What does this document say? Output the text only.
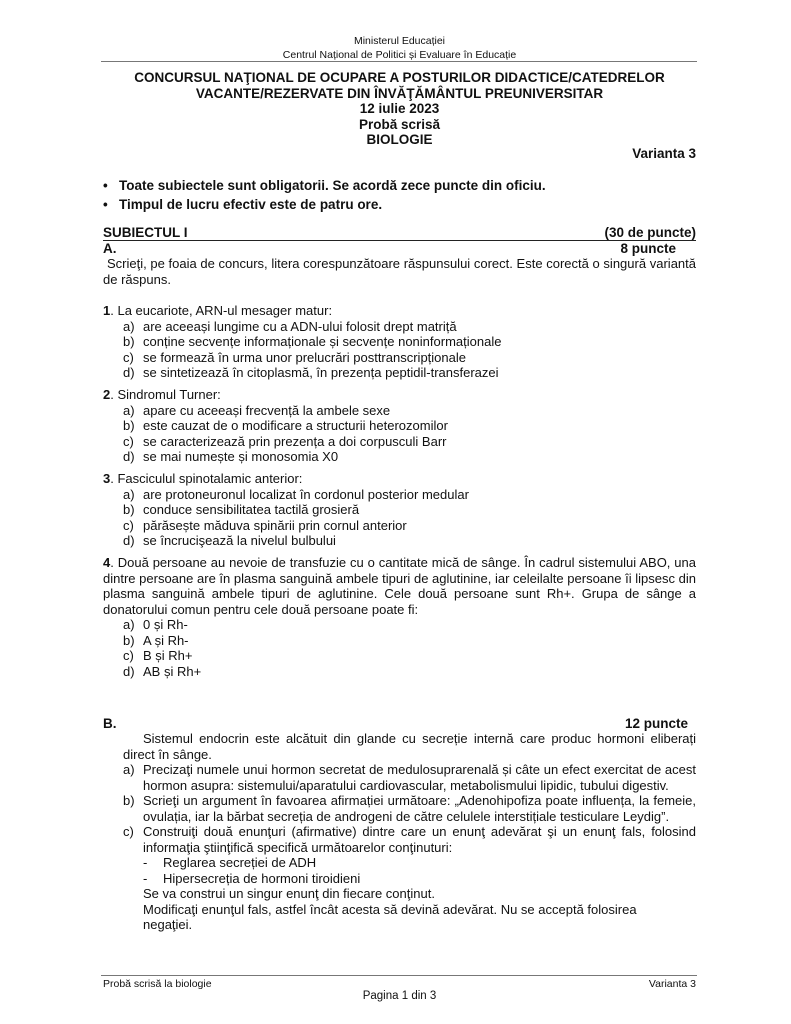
Ministerul Educației
Centrul Național de Politici și Evaluare în Educație
CONCURSUL NAŢIONAL DE OCUPARE A POSTURILOR DIDACTICE/CATEDRELOR
VACANTE/REZERVATE DIN ÎNVĂŢĂMÂNTUL PREUNIVERSITAR
12 iulie 2023
Probă scrisă
BIOLOGIE
Varianta 3
• Toate subiectele sunt obligatorii. Se acordă zece puncte din oficiu.
• Timpul de lucru efectiv este de patru ore.
SUBIECTUL I	(30 de puncte)
A.	8 puncte

Scrieţi, pe foaia de concurs, litera corespunzătoare răspunsului corect. Este corectă o singură variantă de răspuns.

1. La eucariote, ARN-ul mesager matur:

a) are aceeași lungime cu a ADN-ului folosit drept matriță
b) conține secvențe informaționale și secvențe noninformaționale
c) se formează în urma unor prelucrări posttranscripționale
d) se sintetizează în citoplasmă, în prezența peptidil-transferazei

2. Sindromul Turner:

a) apare cu aceeași frecvență la ambele sexe
b) este cauzat de o modificare a structurii heterozomilor
c) se caracterizează prin prezența a doi corpusculi Barr
d) se mai numește și monosomia X0

3. Fasciculul spinotalamic anterior:

a) are protoneuronul localizat în cordonul posterior medular
b) conduce sensibilitatea tactilă grosieră
c) părăsește măduva spinării prin cornul anterior
d) se încrucişează la nivelul bulbului

4. Două persoane au nevoie de transfuzie cu o cantitate mică de sânge. În cadrul sistemului ABO, una dintre persoane are în plasma sanguină ambele tipuri de aglutinine, iar celeilalte persoane îi lipsesc din plasma sanguină ambele tipuri de aglutinine. Cele două persoane sunt Rh+. Grupa de sânge a donatorului comun pentru cele două persoane poate fi:

a) 0 și Rh-
b) A și Rh-
c) B și Rh+
d) AB și Rh+
B.	12 puncte

Sistemul endocrin este alcătuit din glande cu secreție internă care produc hormoni eliberați direct în sânge.

a) Precizaţi numele unui hormon secretat de medulosuprarenală și câte un efect exercitat de acest hormon asupra: sistemului/aparatului cardiovascular, metabolismului lipidic, tubului digestiv.
b) Scrieţi un argument în favoarea afirmației următoare: „Adenohipofiza poate influența, la femeie, ovulația, iar la bărbat secreția de androgeni de către celulele interstițiale testiculare Leydig”.
c) Construiţi două enunţuri (afirmative) dintre care un enunţ adevărat şi un enunţ fals, folosind informaţia ştiinţifică specifică următoarelor conţinuturi:
-	Reglarea secreției de ADH
-	Hipersecreția de hormoni tiroidieni
Se va construi un singur enunţ din fiecare conţinut.
Modificaţi enunţul fals, astfel încât acesta să devină adevărat. Nu se acceptă folosirea negaţiei.
Probă scrisă la biologie	Varianta 3
Pagina 1 din 3
